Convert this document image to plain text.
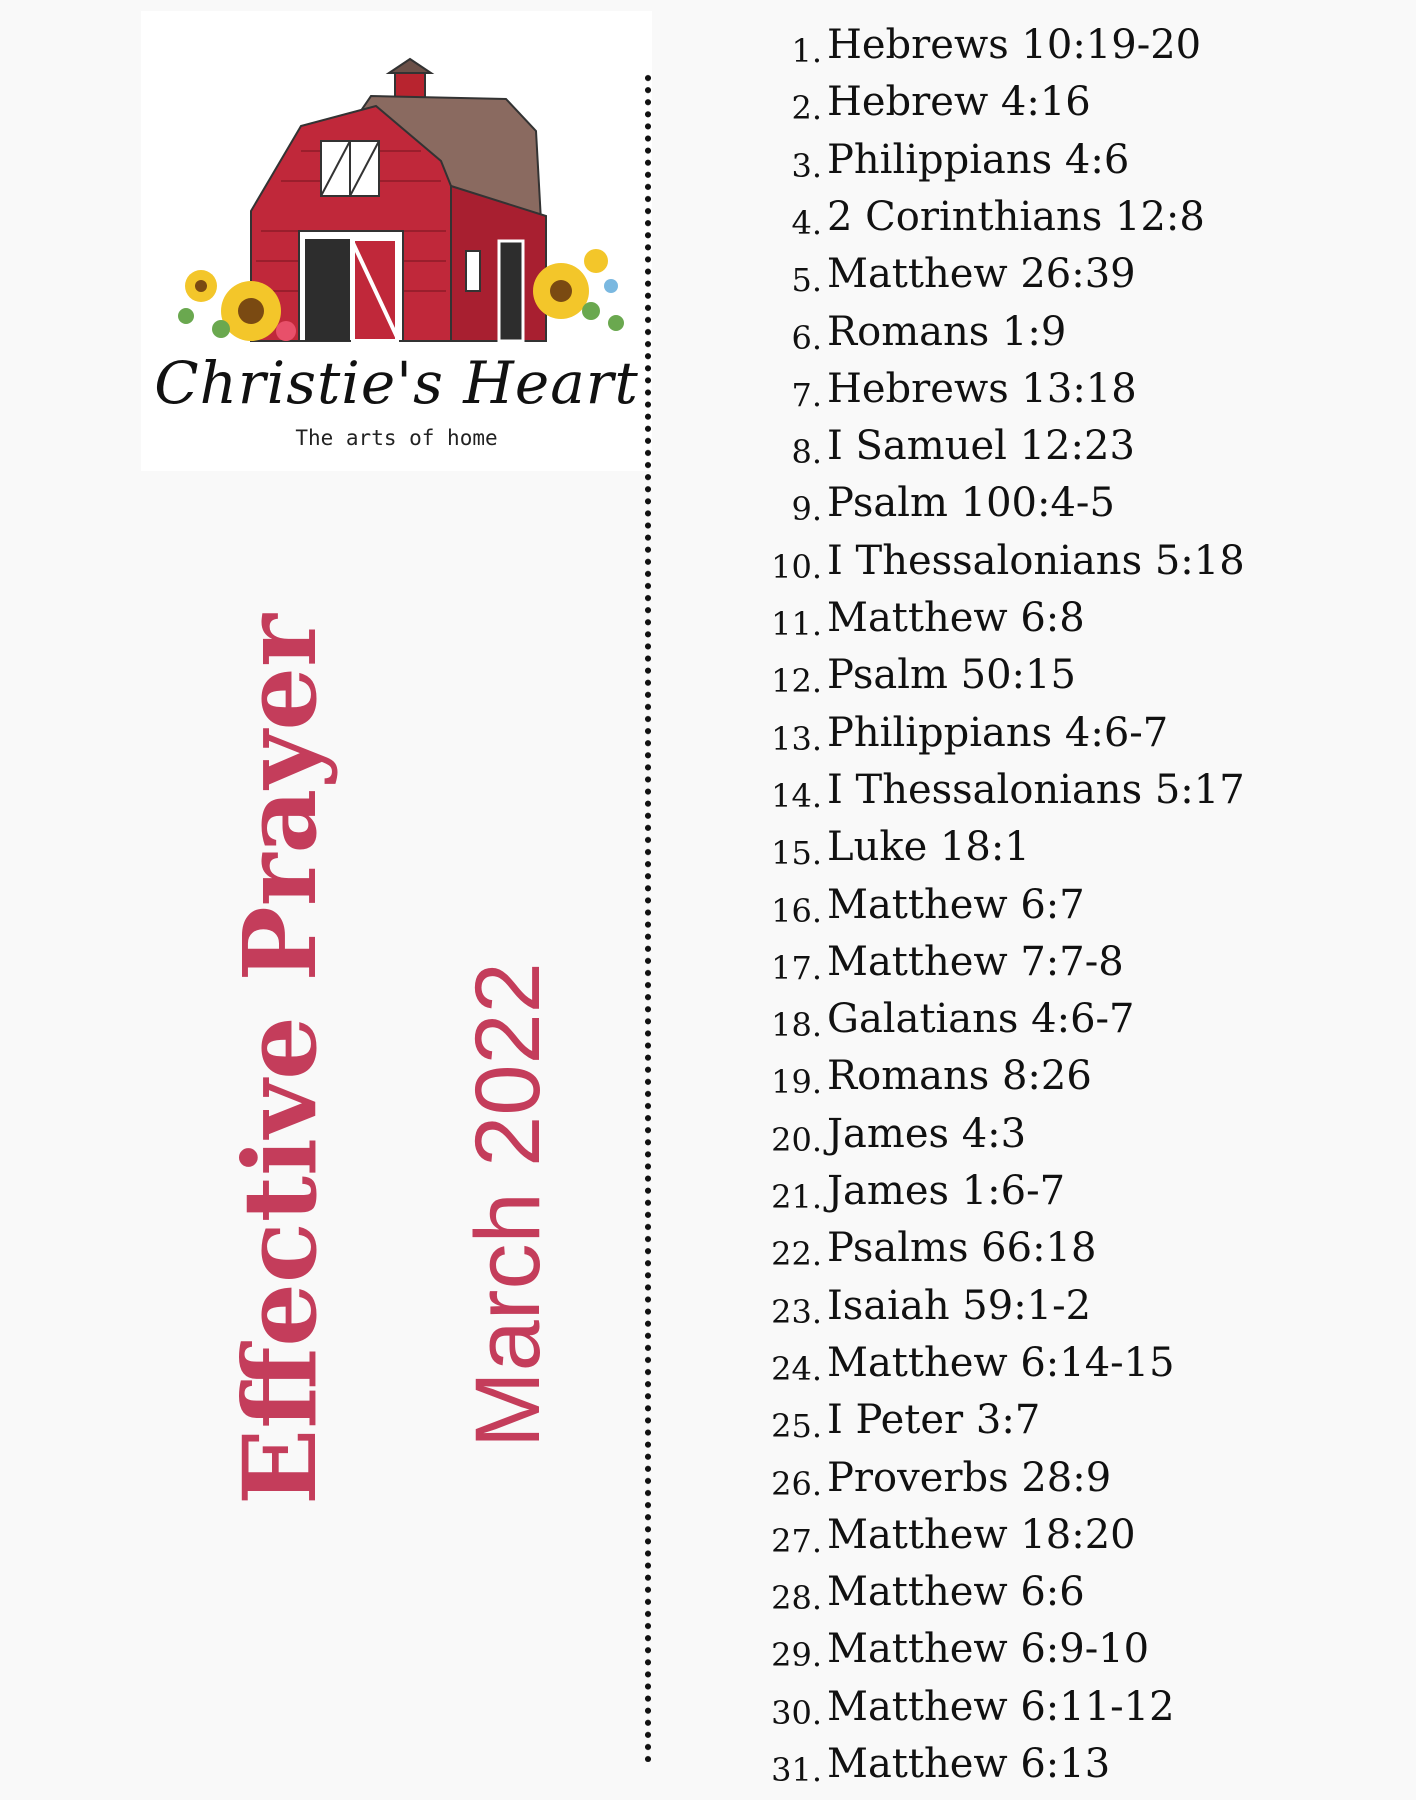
Christie's Heart
The arts of home
Effective Prayer March 2022
1. Hebrews 10:19-20
2. Hebrew 4:16
3. Philippians 4:6
4. 2 Corinthians 12:8
5. Matthew 26:39
6. Romans 1:9
7. Hebrews 13:18
8. I Samuel 12:23
9. Psalm 100:4-5
10. I Thessalonians 5:18
11. Matthew 6:8
12. Psalm 50:15
13. Philippians 4:6-7
14. I Thessalonians 5:17
15. Luke 18:1
16. Matthew 6:7
17. Matthew 7:7-8
18. Galatians 4:6-7
19. Romans 8:26
20. James 4:3
21. James 1:6-7
22. Psalms 66:18
23. Isaiah 59:1-2
24. Matthew 6:14-15
25. I Peter 3:7
26. Proverbs 28:9
27. Matthew 18:20
28. Matthew 6:6
29. Matthew 6:9-10
30. Matthew 6:11-12
31. Matthew 6:13
